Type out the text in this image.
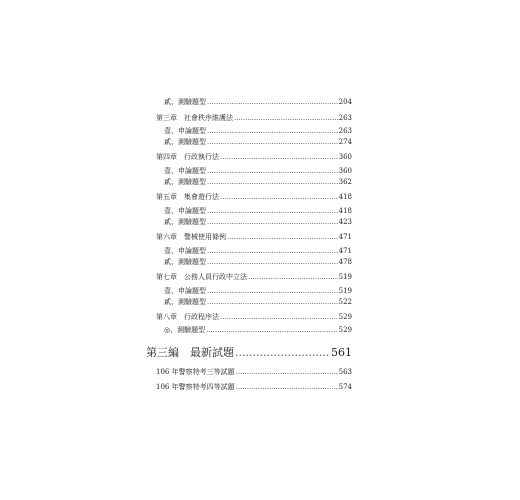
貳、測驗題型 .....	204
第三章　社會秩序維護法 .....	263
壹、申論題型 .....	263
貳、測驗題型 .....	274
第四章　行政執行法 .....	360
壹、申論題型 .....	360
貳、測驗題型 .....	362
第五章　集會遊行法 .....	418
壹、申論題型 .....	418
貳、測驗題型 .....	423
第六章　警械使用條例 .....	471
壹、申論題型 .....	471
貳、測驗題型 .....	478
第七章　公務人員行政中立法 .....	519
壹、申論題型 .....	519
貳、測驗題型 .....	522
第八章　行政程序法 .....	529
◎、測驗題型 .....	529
第三編　最新試題 .....	561
106 年警察特考三等試題 .....	563
106 年警察特考四等試題 .....	574
